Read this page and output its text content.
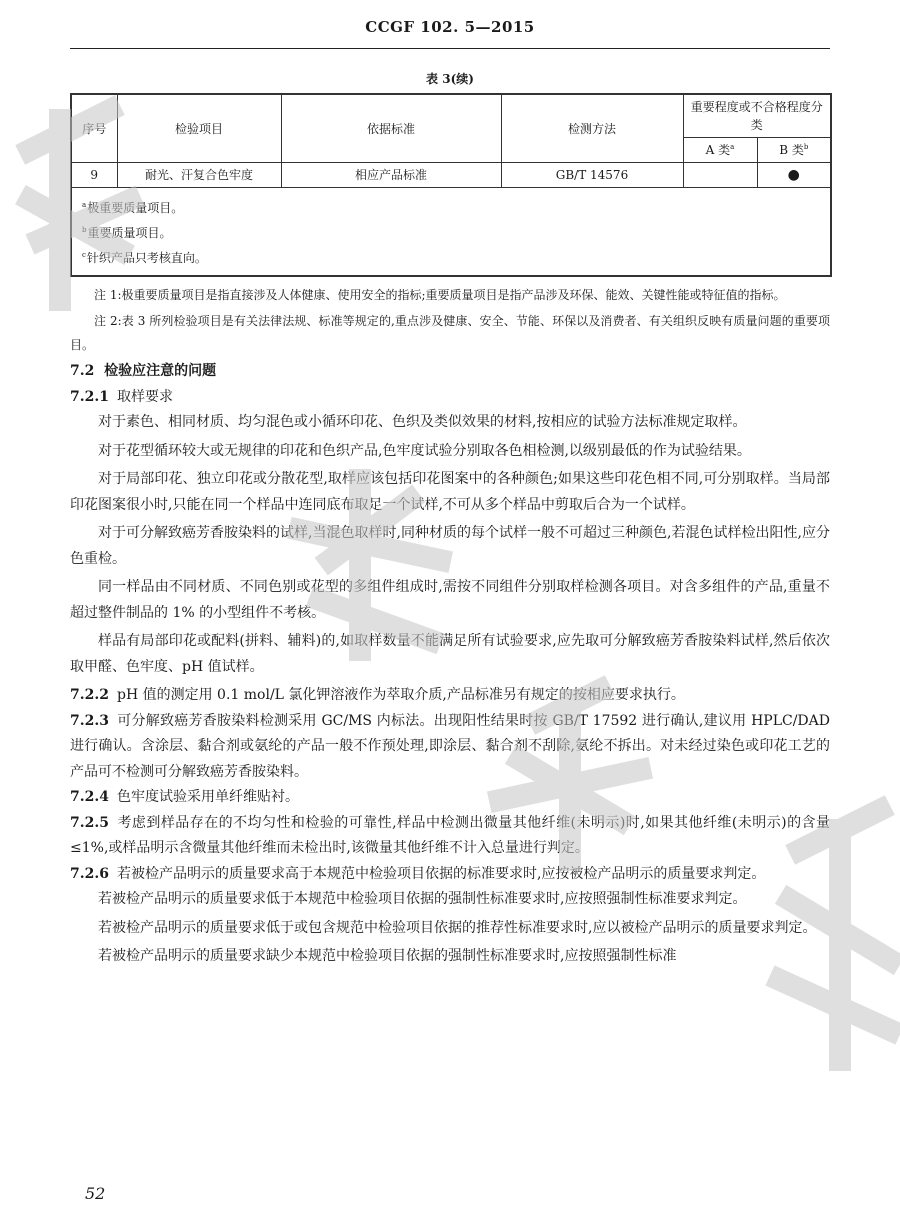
CCGF 102. 5—2015
表 3(续)
序号	检验项目	依据标准	检测方法	重要程度或不合格程度分类	
				A 类$^a$	B 类$^b$
9	耐光、汗复合色牢度	相应产品标准	GB/T 14576		●

$^a$极重要质量项目。
$^b$重要质量项目。
$^c$针织产品只考核直向。					

注 1:极重要质量项目是指直接涉及人体健康、使用安全的指标;重要质量项目是指产品涉及环保、能效、关键性能或特征值的指标。

注 2:表 3 所列检验项目是有关法律法规、标准等规定的,重点涉及健康、安全、节能、环保以及消费者、有关组织反映有质量问题的重要项目。

7.2 检验应注意的问题

7.2.1 取样要求

对于素色、相同材质、均匀混色或小循环印花、色织及类似效果的材料,按相应的试验方法标准规定取样。

对于花型循环较大或无规律的印花和色织产品,色牢度试验分别取各色相检测,以级别最低的作为试验结果。

对于局部印花、独立印花或分散花型,取样应该包括印花图案中的各种颜色;如果这些印花色相不同,可分别取样。当局部印花图案很小时,只能在同一个样品中连同底布取足一个试样,不可从多个样品中剪取后合为一个试样。

对于可分解致癌芳香胺染料的试样,当混色取样时,同种材质的每个试样一般不可超过三种颜色,若混色试样检出阳性,应分色重检。

同一样品由不同材质、不同色别或花型的多组件组成时,需按不同组件分别取样检测各项目。对含多组件的产品,重量不超过整件制品的 1% 的小型组件不考核。

样品有局部印花或配料(拼料、辅料)的,如取样数量不能满足所有试验要求,应先取可分解致癌芳香胺染料试样,然后依次取甲醛、色牢度、pH 值试样。

7.2.2 pH 值的测定用 0.1 mol/L 氯化钾溶液作为萃取介质,产品标准另有规定的按相应要求执行。

7.2.3 可分解致癌芳香胺染料检测采用 GC/MS 内标法。出现阳性结果时按 GB/T 17592 进行确认,建议用 HPLC/DAD 进行确认。含涂层、黏合剂或氨纶的产品一般不作预处理,即涂层、黏合剂不刮除,氨纶不拆出。对未经过染色或印花工艺的产品可不检测可分解致癌芳香胺染料。

7.2.4 色牢度试验采用单纤维贴衬。

7.2.5 考虑到样品存在的不均匀性和检验的可靠性,样品中检测出微量其他纤维(未明示)时,如果其他纤维(未明示)的含量≤1%,或样品明示含微量其他纤维而未检出时,该微量其他纤维不计入总量进行判定。

7.2.6 若被检产品明示的质量要求高于本规范中检验项目依据的标准要求时,应按被检产品明示的质量要求判定。

若被检产品明示的质量要求低于本规范中检验项目依据的强制性标准要求时,应按照强制性标准要求判定。

若被检产品明示的质量要求低于或包含规范中检验项目依据的推荐性标准要求时,应以被检产品明示的质量要求判定。

若被检产品明示的质量要求缺少本规范中检验项目依据的强制性标准要求时,应按照强制性标准

52
